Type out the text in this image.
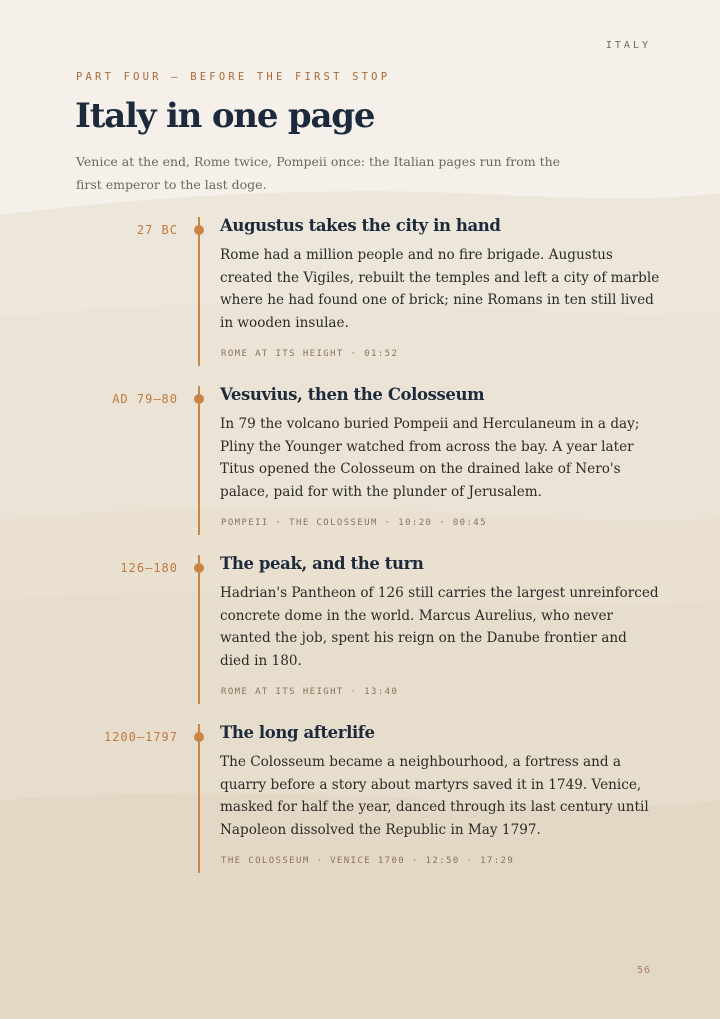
ITALY
PART FOUR — BEFORE THE FIRST STOP
Italy in one page

Venice at the end, Rome twice, Pompeii once: the Italian pages run from the first emperor to the last doge.

27 BC	Augustus takes the city in hand

Rome had a million people and no fire brigade. Augustus created the Vigiles, rebuilt the temples and left a city of marble where he had found one of brick; nine Romans in ten still lived in wooden insulae.

ROME AT ITS HEIGHT · 01:52
AD 79–80	Vesuvius, then the Colosseum

In 79 the volcano buried Pompeii and Herculaneum in a day; Pliny the Younger watched from across the bay. A year later Titus opened the Colosseum on the drained lake of Nero's palace, paid for with the plunder of Jerusalem.

POMPEII · THE COLOSSEUM · 10:20 · 00:45
126–180	The peak, and the turn

Hadrian's Pantheon of 126 still carries the largest unreinforced concrete dome in the world. Marcus Aurelius, who never wanted the job, spent his reign on the Danube frontier and died in 180.

ROME AT ITS HEIGHT · 13:40
1200–1797	The long afterlife

The Colosseum became a neighbourhood, a fortress and a quarry before a story about martyrs saved it in 1749. Venice, masked for half the year, danced through its last century until Napoleon dissolved the Republic in May 1797.

THE COLOSSEUM · VENICE 1700 · 12:50 · 17:29
56
